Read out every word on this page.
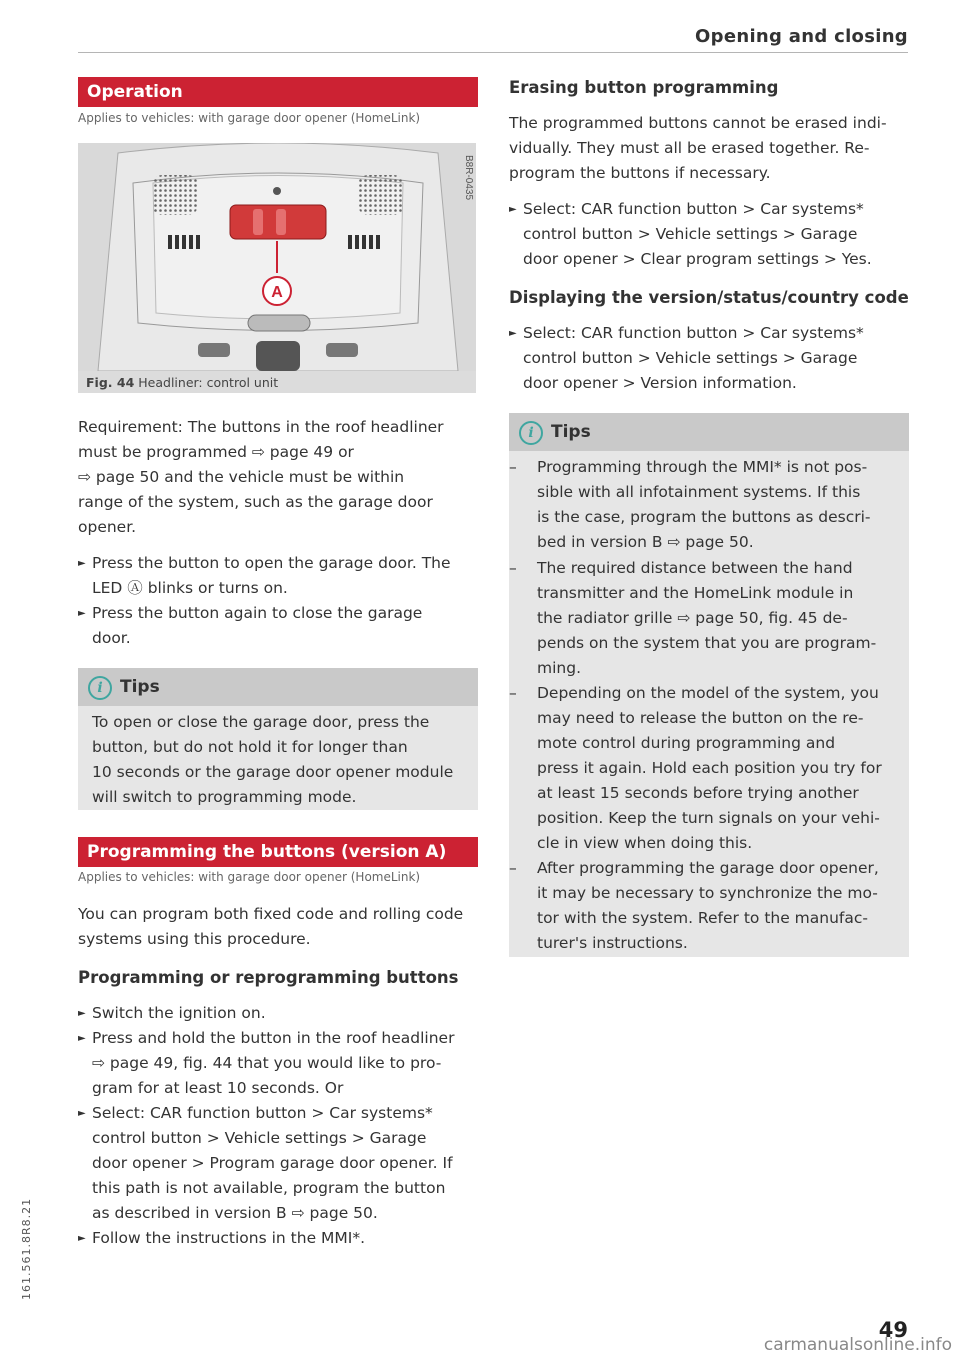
Opening and closing
Operation
Applies to vehicles: with garage door opener (HomeLink)
A
B8R-0435
Fig. 44 Headliner: control unit
Requirement: The buttons in the roof headliner
must be programmed ⇨ page 49 or
⇨ page 50 and the vehicle must be within
range of the system, such as the garage door
opener.
► Press the button to open the garage door. The
LED Ⓐ blinks or turns on.
► Press the button again to close the garage
door.
i	Tips
To open or close the garage door, press the
button, but do not hold it for longer than
10 seconds or the garage door opener module
will switch to programming mode.
Programming the buttons (version A)
Applies to vehicles: with garage door opener (HomeLink)
You can program both fixed code and rolling code
systems using this procedure.
Programming or reprogramming buttons
► Switch the ignition on.
► Press and hold the button in the roof headliner
⇨ page 49, fig. 44 that you would like to pro-
gram for at least 10 seconds. Or
► Select: CAR function button > Car systems*
control button > Vehicle settings > Garage
door opener > Program garage door opener. If
this path is not available, program the button
as described in version B ⇨ page 50.
► Follow the instructions in the MMI*.
Erasing button programming
The programmed buttons cannot be erased indi-
vidually. They must all be erased together. Re-
program the buttons if necessary.
► Select: CAR function button > Car systems*
control button > Vehicle settings > Garage
door opener > Clear program settings > Yes.
Displaying the version/status/country code
► Select: CAR function button > Car systems*
control button > Vehicle settings > Garage
door opener > Version information.
i	Tips
– Programming through the MMI* is not pos-
sible with all infotainment systems. If this
is the case, program the buttons as descri-
bed in version B ⇨ page 50.
– The required distance between the hand
transmitter and the HomeLink module in
the radiator grille ⇨ page 50, fig. 45 de-
pends on the system that you are program-
ming.
– Depending on the model of the system, you
may need to release the button on the re-
mote control during programming and
press it again. Hold each position you try for
at least 15 seconds before trying another
position. Keep the turn signals on your vehi-
cle in view when doing this.
– After programming the garage door opener,
it may be necessary to synchronize the mo-
tor with the system. Refer to the manufac-
turer's instructions.
161.561.8R8.21
49
carmanualsonline.info
